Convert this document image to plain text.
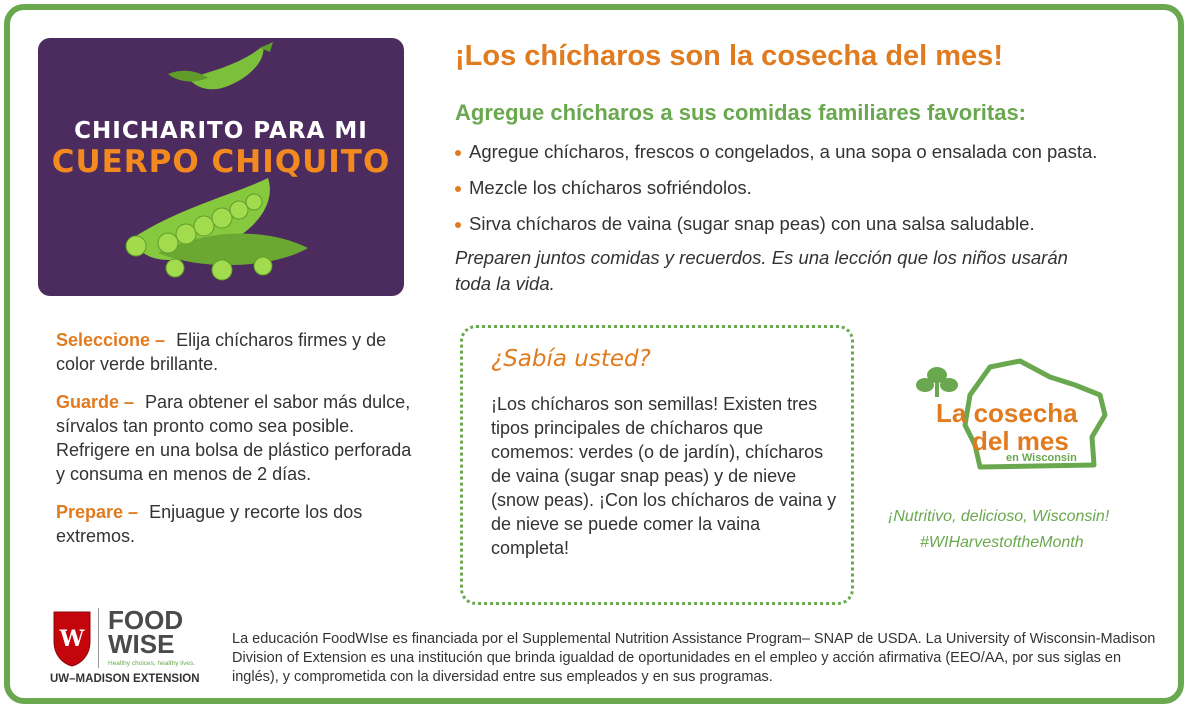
CHICHARITO PARA MI
CUERPO CHIQUITO
¡Los chícharos son la cosecha del mes!
Agregue chícharos a sus comidas familiares favoritas:
Agregue chícharos, frescos o congelados, a una sopa o ensalada con pasta.
Mezcle los chícharos sofriéndolos.
Sirva chícharos de vaina (sugar snap peas) con una salsa saludable.
Preparen juntos comidas y recuerdos. Es una lección que los niños usarán toda la vida.
Seleccione – Elija chícharos firmes y de color verde brillante.
Guarde – Para obtener el sabor más dulce, sírvalos tan pronto como sea posible. Refrigere en una bolsa de plástico perforada y consuma en menos de 2 días.
Prepare – Enjuague y recorte los dos extremos.
¿Sabía usted?
¡Los chícharos son semillas! Existen tres tipos principales de chícharos que comemos: verdes (o de jardín), chícharos de vaina (sugar snap peas) y de nieve (snow peas). ¡Con los chícharos de vaina y de nieve se puede comer la vaina completa!
La cosecha
del mes
en Wisconsin
¡Nutritivo, delicioso, Wisconsin!
#WIHarvestoftheMonth
W
FOOD
WISE
Healthy choices, healthy lives.
UW–MADISON EXTENSION
La educación FoodWIse es financiada por el Supplemental Nutrition Assistance Program– SNAP de USDA. La University of Wisconsin-Madison Division of Extension es una institución que brinda igualdad de oportunidades en el empleo y acción afirmativa (EEO/AA, por sus siglas en inglés), y comprometida con la diversidad entre sus empleados y en sus programas.
